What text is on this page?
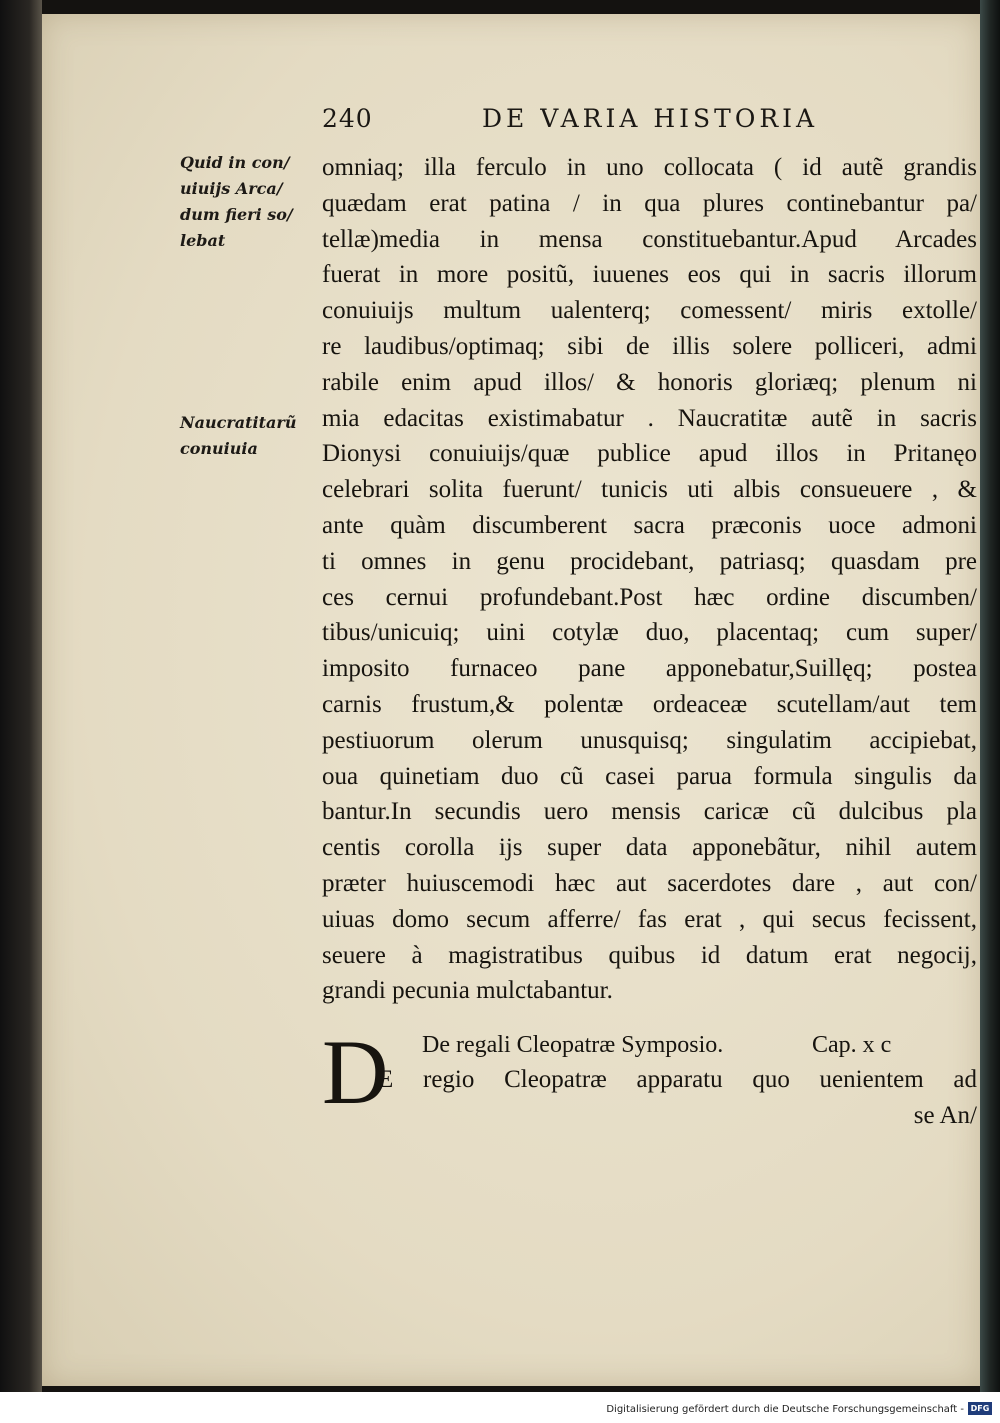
240	DE VARIA HISTORIA
Quid in con/
uiuijs Arca/
dum fieri so/
lebat
Naucratitarũ
conuiuia
omniaq; illa ferculo in uno collocata ( id autẽ grandis
quædam erat patina / in qua plures continebantur pa/
tellæ)media in mensa constituebantur.Apud Arcades
fuerat in more positũ, iuuenes eos qui in sacris illorum
conuiuijs multum ualenterq; comessent/ miris extolle/
re laudibus/optimaq; sibi de illis solere polliceri, admi
rabile enim apud illos/ & honoris gloriæq; plenum ni
mia edacitas existimabatur . Naucratitæ autẽ in sacris
Dionysi conuiuijs/quæ publice apud illos in Pritanęo
celebrari solita fuerunt/ tunicis uti albis consueuere , &
ante quàm discumberent sacra præconis uoce admoni
ti omnes in genu procidebant, patriasq; quasdam pre
ces cernui profundebant.Post hæc ordine discumben/
tibus/unicuiq; uini cotylæ duo, placentaq; cum super/
imposito furnaceo pane apponebatur,Suillęq; postea
carnis frustum,& polentæ ordeaceæ scutellam/aut tem
pestiuorum olerum unusquisq; singulatim accipiebat,
oua quinetiam duo cũ casei parua formula singulis da
bantur.In secundis uero mensis caricæ cũ dulcibus pla
centis corolla ijs super data apponebãtur, nihil autem
præter huiuscemodi hæc aut sacerdotes dare , aut con/
uiuas domo secum afferre/ fas erat , qui secus fecissent,
seuere à magistratibus quibus id datum erat negocij,
grandi pecunia mulctabantur.
D De regali Cleopatræ Symposio.	Cap. x c
E regio Cleopatræ apparatu quo uenientem ad
se An/
Digitalisierung gefördert durch die Deutsche Forschungsgemeinschaft - DFG
